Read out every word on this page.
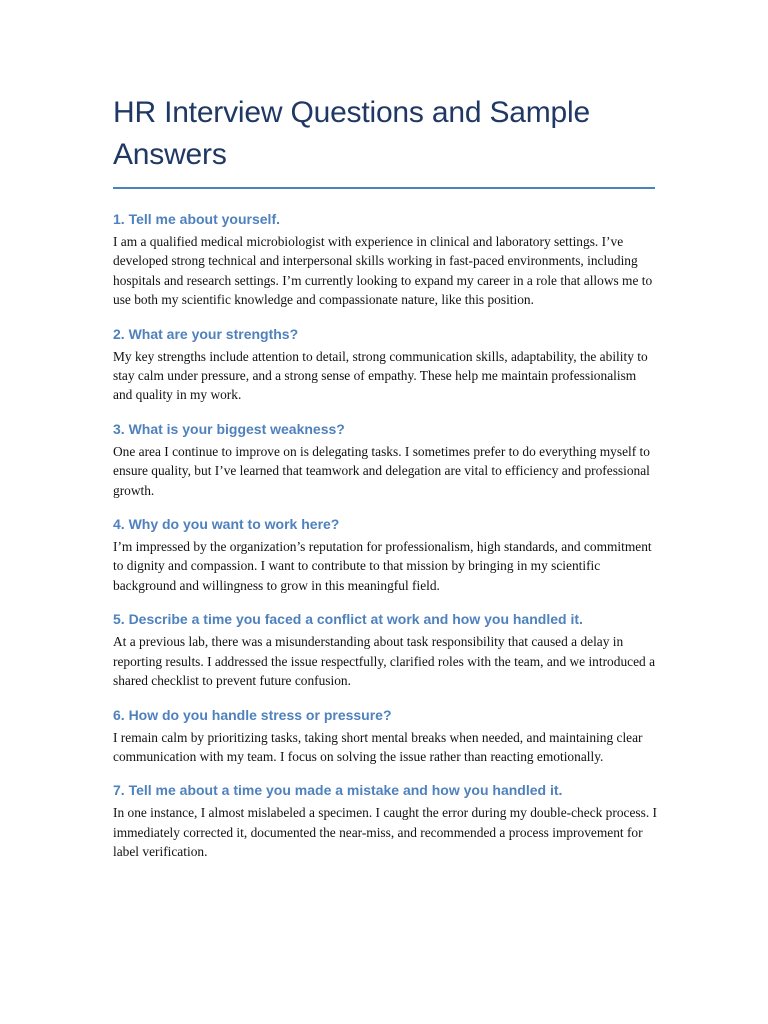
HR Interview Questions and Sample Answers
1. Tell me about yourself.

I am a qualified medical microbiologist with experience in clinical and laboratory settings. I’ve developed strong technical and interpersonal skills working in fast-paced environments, including hospitals and research settings. I’m currently looking to expand my career in a role that allows me to use both my scientific knowledge and compassionate nature, like this position.

2. What are your strengths?

My key strengths include attention to detail, strong communication skills, adaptability, the ability to stay calm under pressure, and a strong sense of empathy. These help me maintain professionalism and quality in my work.

3. What is your biggest weakness?

One area I continue to improve on is delegating tasks. I sometimes prefer to do everything myself to ensure quality, but I’ve learned that teamwork and delegation are vital to efficiency and professional growth.

4. Why do you want to work here?

I’m impressed by the organization’s reputation for professionalism, high standards, and commitment to dignity and compassion. I want to contribute to that mission by bringing in my scientific background and willingness to grow in this meaningful field.

5. Describe a time you faced a conflict at work and how you handled it.

At a previous lab, there was a misunderstanding about task responsibility that caused a delay in reporting results. I addressed the issue respectfully, clarified roles with the team, and we introduced a shared checklist to prevent future confusion.

6. How do you handle stress or pressure?

I remain calm by prioritizing tasks, taking short mental breaks when needed, and maintaining clear communication with my team. I focus on solving the issue rather than reacting emotionally.

7. Tell me about a time you made a mistake and how you handled it.

In one instance, I almost mislabeled a specimen. I caught the error during my double-check process. I immediately corrected it, documented the near-miss, and recommended a process improvement for label verification.
